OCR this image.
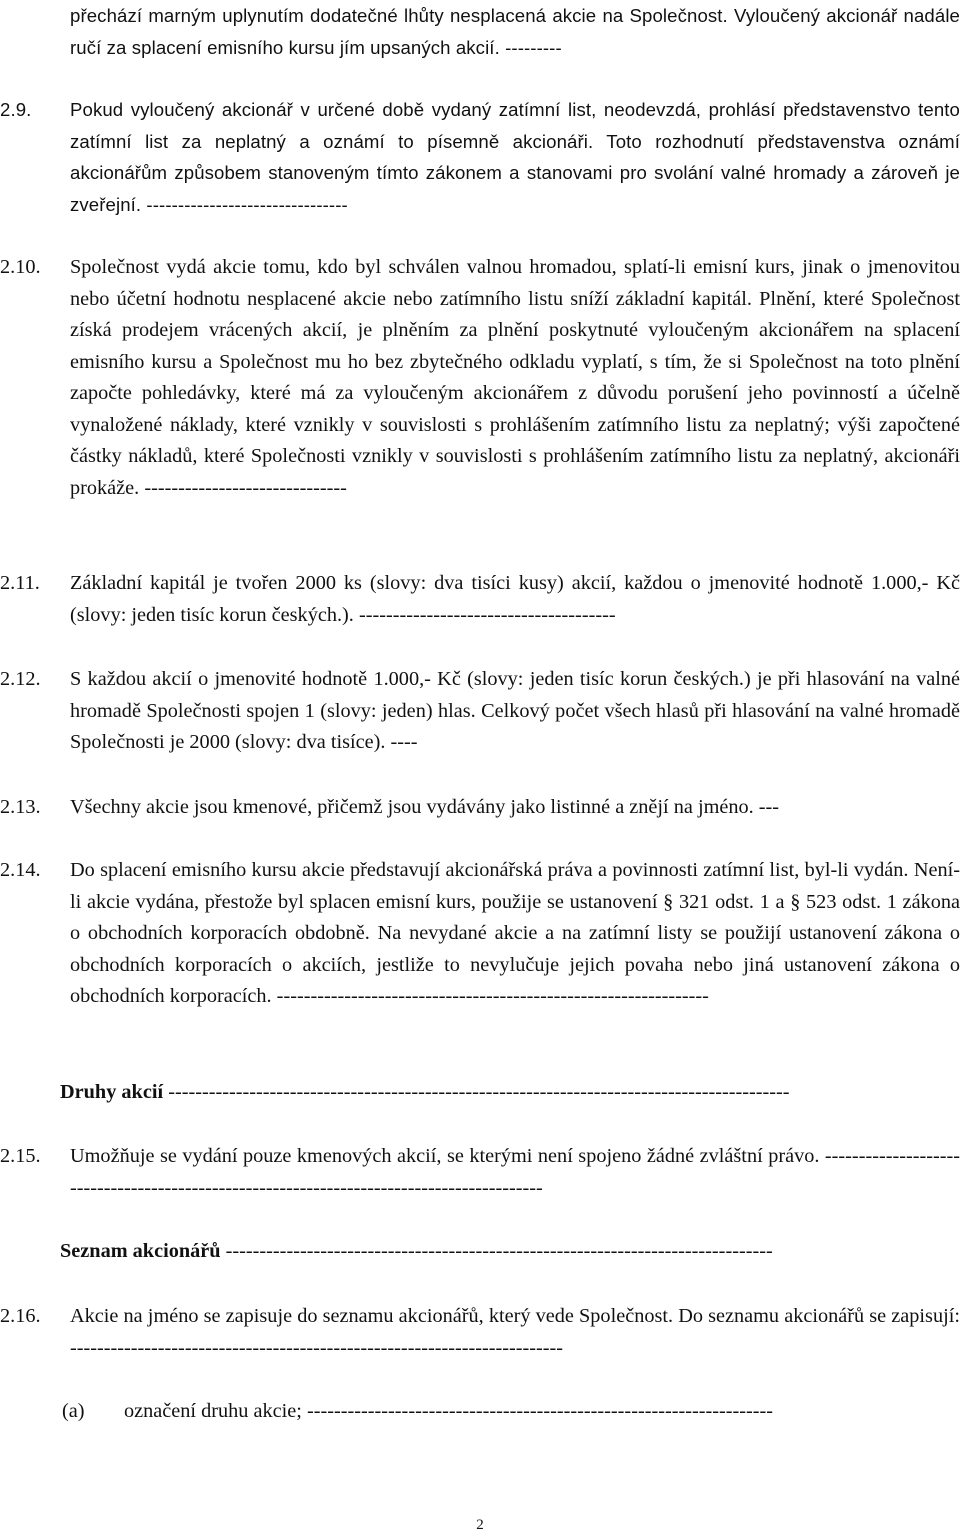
přechází marným uplynutím dodatečné lhůty nesplacená akcie na Společnost. Vyloučený akcionář nadále ručí za splacení emisního kursu jím upsaných akcií. ---------
2.9. Pokud vyloučený akcionář v určené době vydaný zatímní list, neodevzdá, prohlásí představenstvo tento zatímní list za neplatný a oznámí to písemně akcionáři. Toto rozhodnutí představenstva oznámí akcionářům způsobem stanoveným tímto zákonem a stanovami pro svolání valné hromady a zároveň je zveřejní. --------------------------------
2.10. Společnost vydá akcie tomu, kdo byl schválen valnou hromadou, splatí-li emisní kurs, jinak o jmenovitou nebo účetní hodnotu nesplacené akcie nebo zatímního listu sníží základní kapitál. Plnění, které Společnost získá prodejem vrácených akcií, je plněním za plnění poskytnuté vyloučeným akcionářem na splacení emisního kursu a Společnost mu ho bez zbytečného odkladu vyplatí, s tím, že si Společnost na toto plnění započte pohledávky, které má za vyloučeným akcionářem z důvodu porušení jeho povinností a účelně vynaložené náklady, které vznikly v souvislosti s prohlášením zatímního listu za neplatný; výši započtené částky nákladů, které Společnosti vznikly v souvislosti s prohlášením zatímního listu za neplatný, akcionáři prokáže. ------------------------------
2.11. Základní kapitál je tvořen 2000 ks (slovy: dva tisíci kusy) akcií, každou o jmenovité hodnotě 1.000,- Kč (slovy: jeden tisíc korun českých.). --------------------------------------
2.12. S každou akcií o jmenovité hodnotě 1.000,- Kč (slovy: jeden tisíc korun českých.) je při hlasování na valné hromadě Společnosti spojen 1 (slovy: jeden) hlas. Celkový počet všech hlasů při hlasování na valné hromadě Společnosti je 2000 (slovy: dva tisíce). ----
2.13. Všechny akcie jsou kmenové, přičemž jsou vydávány jako listinné a znějí na jméno. ---
2.14. Do splacení emisního kursu akcie představují akcionářská práva a povinnosti zatímní list, byl-li vydán. Není-li akcie vydána, přestože byl splacen emisní kurs, použije se ustanovení § 321 odst. 1 a § 523 odst. 1 zákona o obchodních korporacích obdobně. Na nevydané akcie a na zatímní listy se použijí ustanovení zákona o obchodních korporacích o akciích, jestliže to nevylučuje jejich povaha nebo jiná ustanovení zákona o obchodních korporacích. ----------------------------------------------------------------
Druhy akcií --------------------------------------------------------------------------------------------
2.15. Umožňuje se vydání pouze kmenových akcií, se kterými není spojeno žádné zvláštní právo. ------------------------------------------------------------------------------------------
Seznam akcionářů ---------------------------------------------------------------------------------
2.16. Akcie na jméno se zapisuje do seznamu akcionářů, který vede Společnost. Do seznamu akcionářů se zapisují: -------------------------------------------------------------------------
(a) označení druhu akcie; ---------------------------------------------------------------------
2
